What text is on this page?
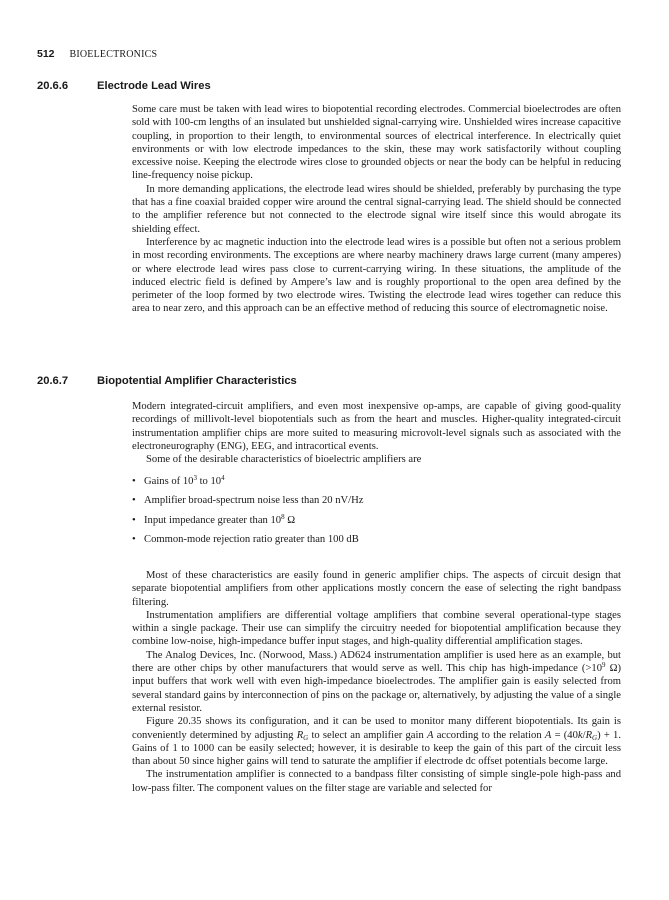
512 BIOELECTRONICS
20.6.6	Electrode Lead Wires

Some care must be taken with lead wires to biopotential recording electrodes. Commercial bioelectrodes are often sold with 100-cm lengths of an insulated but unshielded signal-carrying wire. Unshielded wires increase capacitive coupling, in proportion to their length, to environmental sources of electrical interference. In electrically quiet environments or with low electrode impedances to the skin, these may work satisfactorily without coupling excessive noise. Keeping the electrode wires close to grounded objects or near the body can be helpful in reducing line-frequency noise pickup.

In more demanding applications, the electrode lead wires should be shielded, preferably by purchasing the type that has a fine coaxial braided copper wire around the central signal-carrying lead. The shield should be connected to the amplifier reference but not connected to the electrode signal wire itself since this would abrogate its shielding effect.

Interference by ac magnetic induction into the electrode lead wires is a possible but often not a serious problem in most recording environments. The exceptions are where nearby machinery draws large current (many amperes) or where electrode lead wires pass close to current-carrying wiring. In these situations, the amplitude of the induced electric field is defined by Ampere’s law and is roughly proportional to the open area defined by the perimeter of the loop formed by two electrode wires. Twisting the electrode lead wires together can reduce this area to near zero, and this approach can be an effective method of reducing this source of electromagnetic noise.

20.6.7	Biopotential Amplifier Characteristics

Modern integrated-circuit amplifiers, and even most inexpensive op-amps, are capable of giving good-quality recordings of millivolt-level biopotentials such as from the heart and muscles. Higher-quality integrated-circuit instrumentation amplifier chips are more suited to measuring microvolt-level signals such as associated with the electroneurography (ENG), EEG, and intracortical events.

Some of the desirable characteristics of bioelectric amplifiers are

• Gains of $10^3$ to $10^4$
• Amplifier broad-spectrum noise less than 20 nV/Hz
• Input impedance greater than $10^8$ Ω
• Common-mode rejection ratio greater than 100 dB

Most of these characteristics are easily found in generic amplifier chips. The aspects of circuit design that separate biopotential amplifiers from other applications mostly concern the ease of selecting the right bandpass filtering.

Instrumentation amplifiers are differential voltage amplifiers that combine several operational-type stages within a single package. Their use can simplify the circuitry needed for biopotential amplification because they combine low-noise, high-impedance buffer input stages, and high-quality differential amplification stages.

The Analog Devices, Inc. (Norwood, Mass.) AD624 instrumentation amplifier is used here as an example, but there are other chips by other manufacturers that would serve as well. This chip has high-impedance ($>10^9$ Ω) input buffers that work well with even high-impedance bioelectrodes. The amplifier gain is easily selected from several standard gains by interconnection of pins on the package or, alternatively, by adjusting the value of a single external resistor.

Figure 20.35 shows its configuration, and it can be used to monitor many different biopotentials. Its gain is conveniently determined by adjusting $R_G$ to select an amplifier gain A according to the relation $A = (40k/R_G) + 1$. Gains of 1 to 1000 can be easily selected; however, it is desirable to keep the gain of this part of the circuit less than about 50 since higher gains will tend to saturate the amplifier if electrode dc offset potentials become large.

The instrumentation amplifier is connected to a bandpass filter consisting of simple single-pole high-pass and low-pass filter. The component values on the filter stage are variable and selected for
